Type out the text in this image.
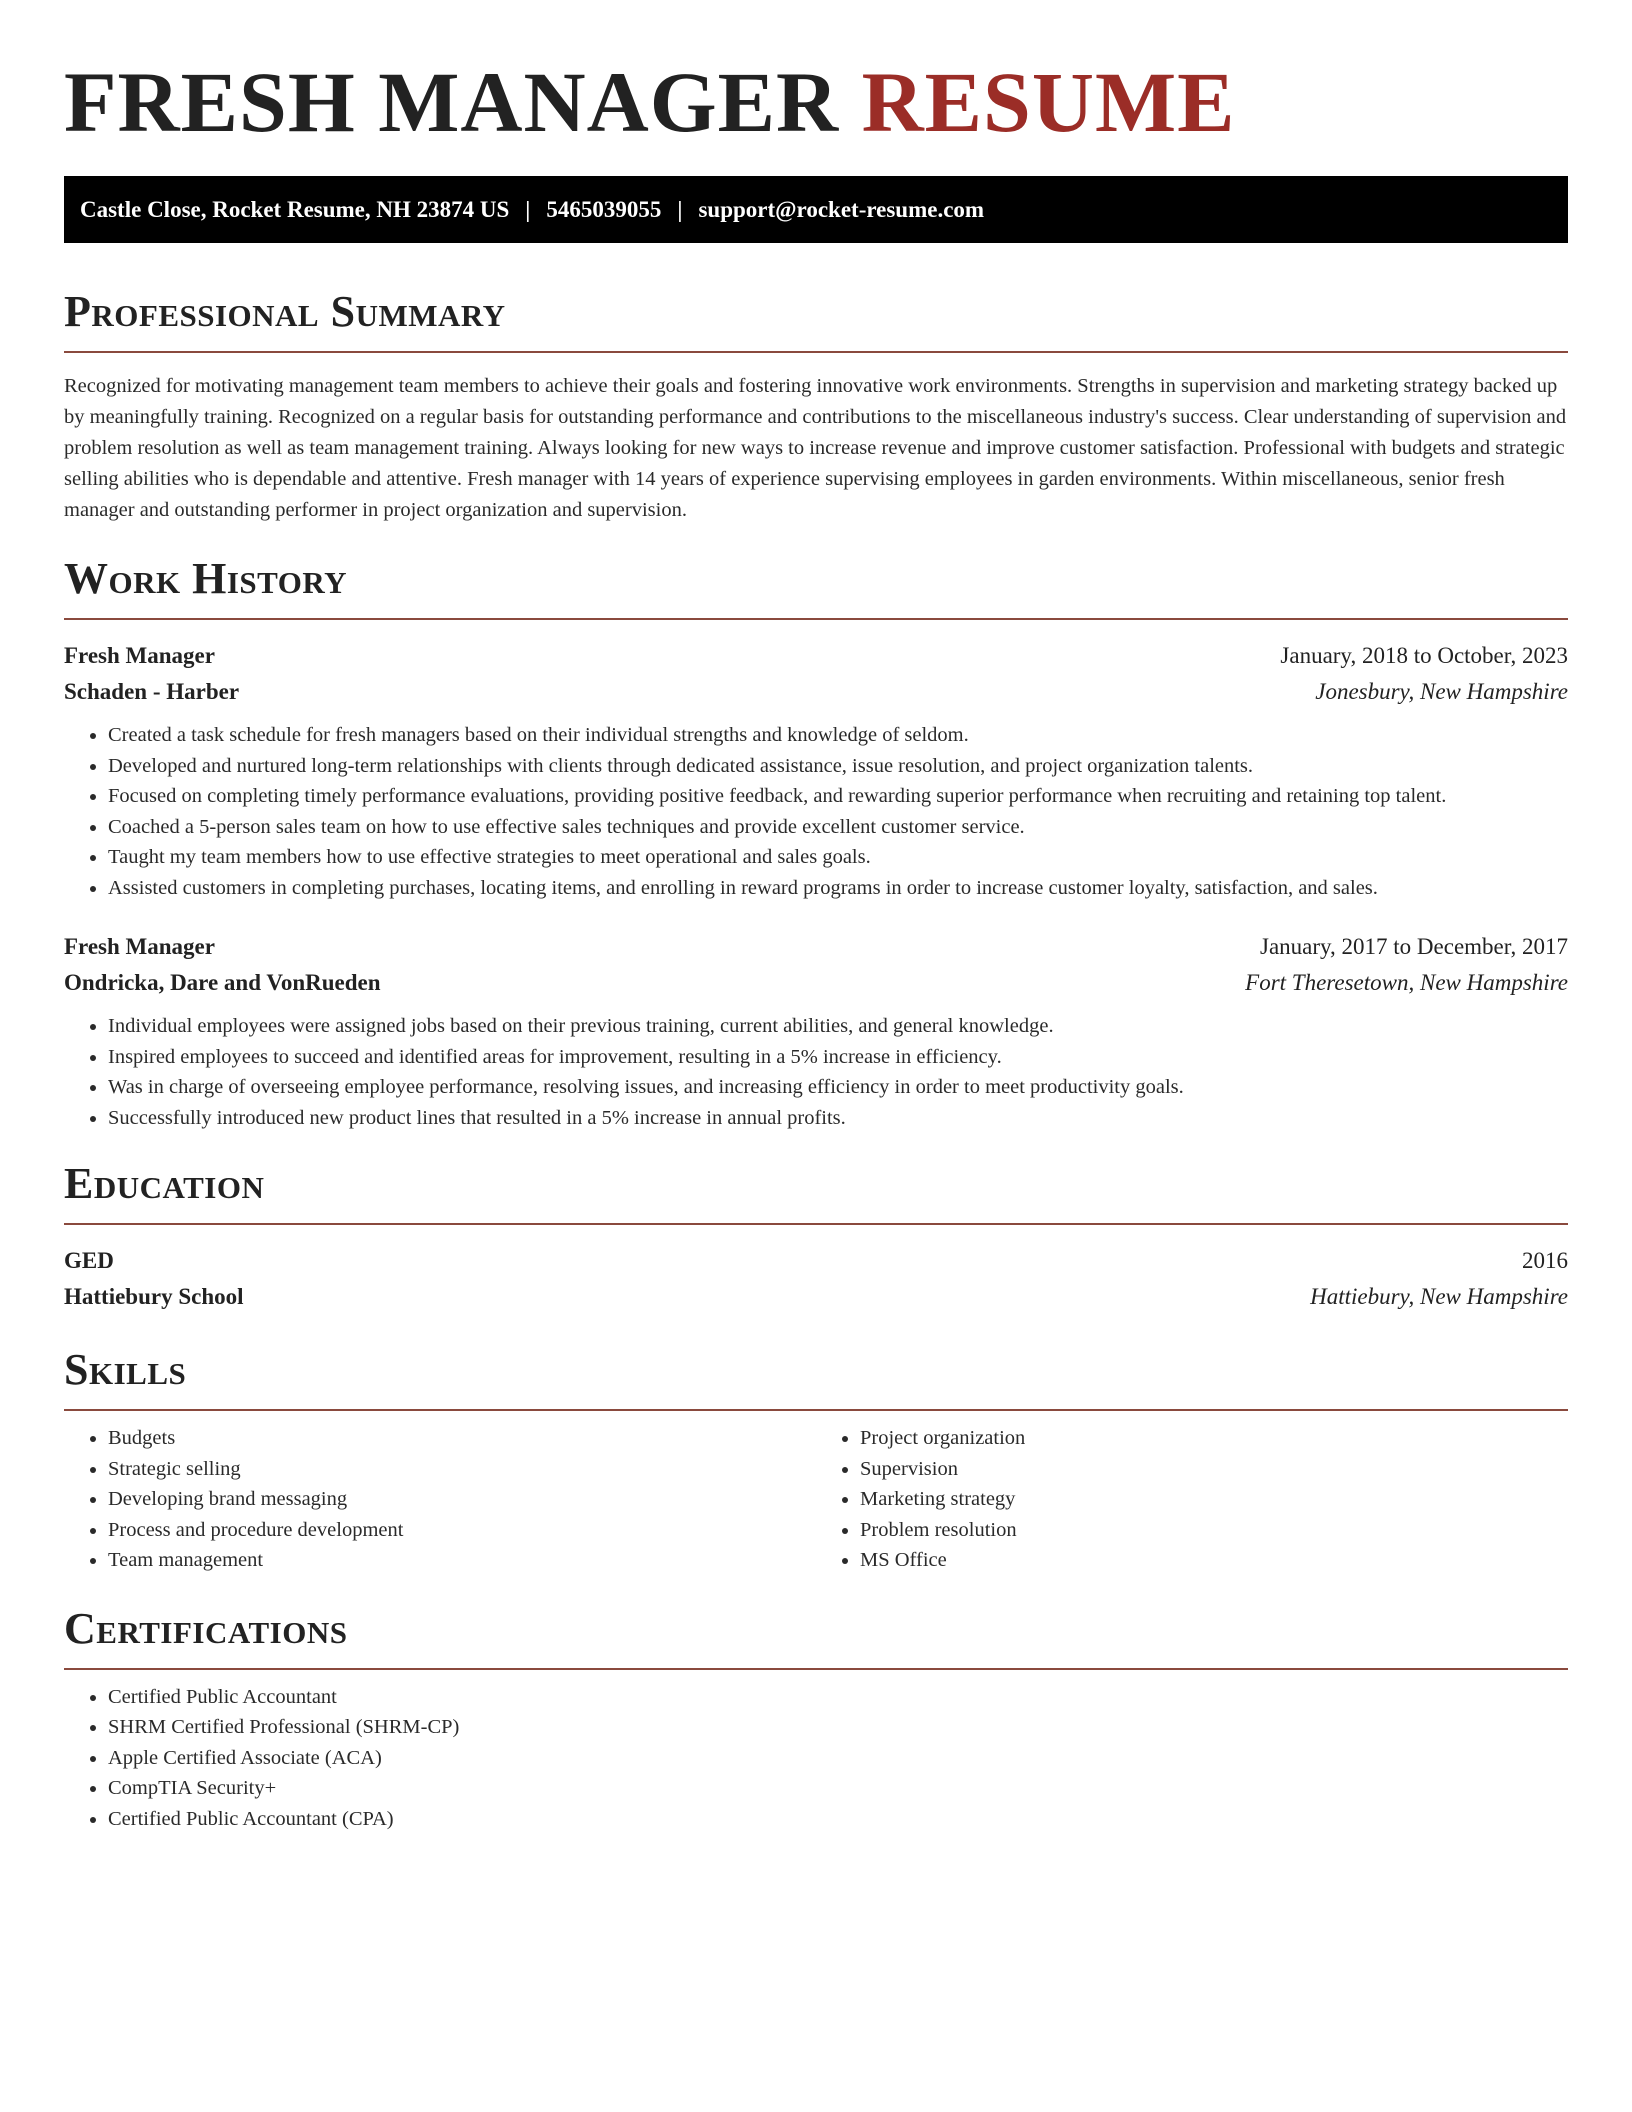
FRESH MANAGER RESUME
Castle Close, Rocket Resume, NH 23874 US | 5465039055 | support@rocket-resume.com
Professional Summary

Recognized for motivating management team members to achieve their goals and fostering innovative work environments. Strengths in supervision and marketing strategy backed up by meaningfully training. Recognized on a regular basis for outstanding performance and contributions to the miscellaneous industry's success. Clear understanding of supervision and problem resolution as well as team management training. Always looking for new ways to increase revenue and improve customer satisfaction. Professional with budgets and strategic selling abilities who is dependable and attentive. Fresh manager with 14 years of experience supervising employees in garden environments. Within miscellaneous, senior fresh manager and outstanding performer in project organization and supervision.

Work History
Fresh Manager	January, 2018 to October, 2023
Schaden - Harber	Jonesbury, New Hampshire
• Created a task schedule for fresh managers based on their individual strengths and knowledge of seldom.
• Developed and nurtured long-term relationships with clients through dedicated assistance, issue resolution, and project organization talents.
• Focused on completing timely performance evaluations, providing positive feedback, and rewarding superior performance when recruiting and retaining top talent.
• Coached a 5-person sales team on how to use effective sales techniques and provide excellent customer service.
• Taught my team members how to use effective strategies to meet operational and sales goals.
• Assisted customers in completing purchases, locating items, and enrolling in reward programs in order to increase customer loyalty, satisfaction, and sales.
Fresh Manager	January, 2017 to December, 2017
Ondricka, Dare and VonRueden	Fort Theresetown, New Hampshire
• Individual employees were assigned jobs based on their previous training, current abilities, and general knowledge.
• Inspired employees to succeed and identified areas for improvement, resulting in a 5% increase in efficiency.
• Was in charge of overseeing employee performance, resolving issues, and increasing efficiency in order to meet productivity goals.
• Successfully introduced new product lines that resulted in a 5% increase in annual profits.
Education
GED	2016
Hattiebury School	Hattiebury, New Hampshire
Skills
• Budgets
• Strategic selling
• Developing brand messaging
• Process and procedure development
• Team management
• Project organization
• Supervision
• Marketing strategy
• Problem resolution
• MS Office
Certifications
• Certified Public Accountant
• SHRM Certified Professional (SHRM-CP)
• Apple Certified Associate (ACA)
• CompTIA Security+
• Certified Public Accountant (CPA)
